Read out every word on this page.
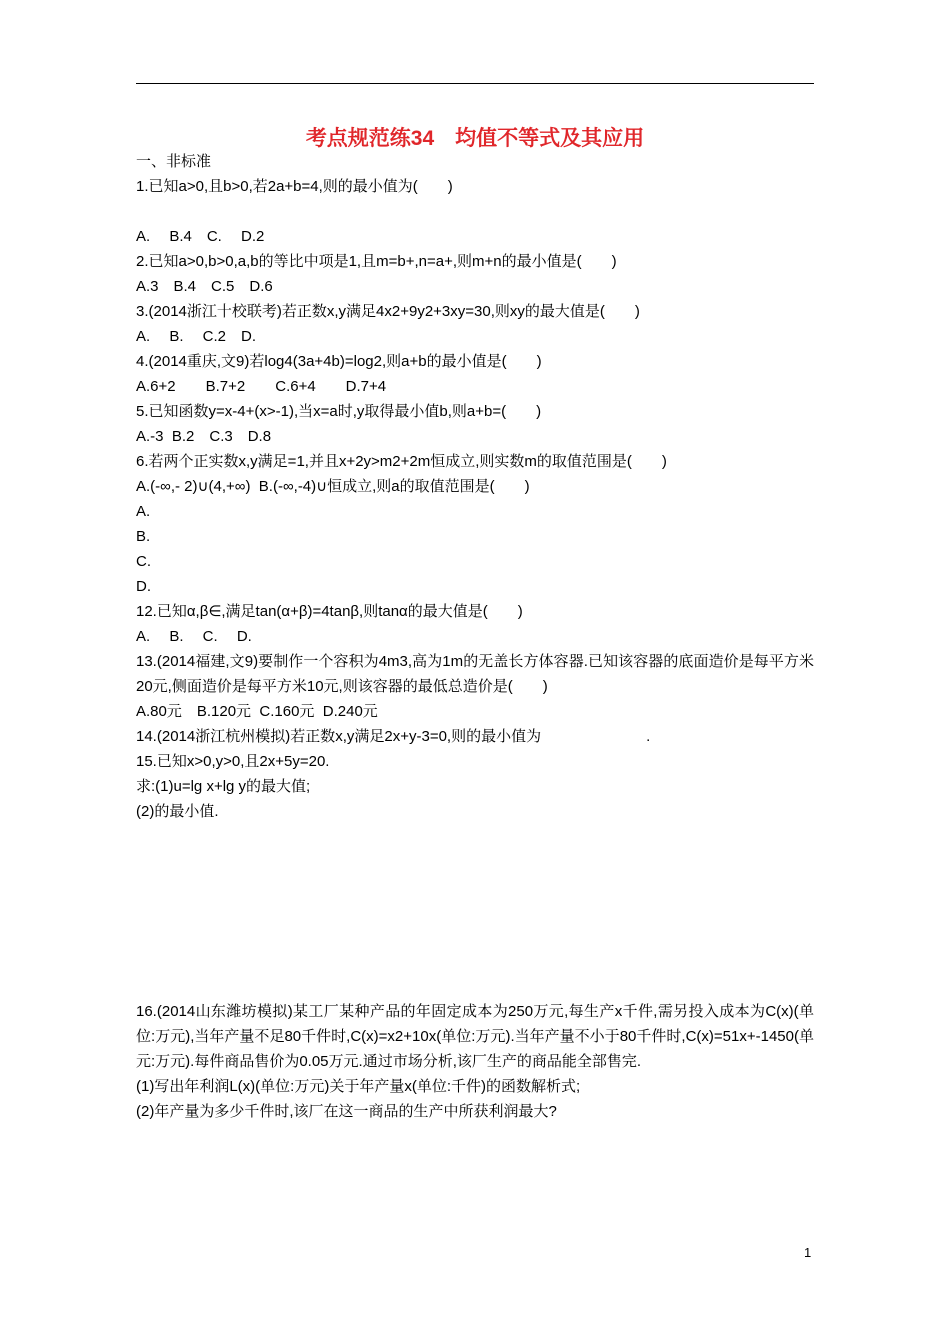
考点规范练34　均值不等式及其应用
一、非标准
1.已知a>0,且b>0,若2a+b=4,则的最小值为(　　)
A.　 B.4　C.　 D.2
2.已知a>0,b>0,a,b的等比中项是1,且m=b+,n=a+,则m+n的最小值是(　　)
A.3　B.4　C.5　D.6
3.(2014浙江十校联考)若正数x,y满足4x2+9y2+3xy=30,则xy的最大值是(　　)
A.　 B.　 C.2　D.
4.(2014重庆,文9)若log4(3a+4b)=log2,则a+b的最小值是(　　)
A.6+2　　B.7+2　　C.6+4　　D.7+4
5.已知函数y=x-4+(x>-1),当x=a时,y取得最小值b,则a+b=(　　)
A.-3  B.2　C.3　D.8
6.若两个正实数x,y满足=1,并且x+2y>m2+2m恒成立,则实数m的取值范围是(　　)
A.(-∞,- 2)∪(4,+∞)  B.(-∞,-4)∪恒成立,则a的取值范围是(　　)
A.
B.
C.
D.
12.已知α,β∈,满足tan(α+β)=4tanβ,则tanα的最大值是(　　)
A.　 B.　 C.　 D.
13.(2014福建,文9)要制作一个容积为4m3,高为1m的无盖长方体容器.已知该容器的底面造价是每平方米20元,侧面造价是每平方米10元,则该容器的最低总造价是(　　)
A.80元　B.120元  C.160元  D.240元
14.(2014浙江杭州模拟)若正数x,y满足2x+y-3=0,则的最小值为　　　　　　　.
15.已知x>0,y>0,且2x+5y=20.
求:(1)u=lg x+lg y的最大值;
(2)的最小值.
16.(2014山东潍坊模拟)某工厂某种产品的年固定成本为250万元,每生产x千件,需另投入成本为C(x)(单位:万元),当年产量不足80千件时,C(x)=x2+10x(单位:万元).当年产量不小于80千件时,C(x)=51x+-1450(单元:万元).每件商品售价为0.05万元.通过市场分析,该厂生产的商品能全部售完.
(1)写出年利润L(x)(单位:万元)关于年产量x(单位:千件)的函数解析式;
(2)年产量为多少千件时,该厂在这一商品的生产中所获利润最大?
1
